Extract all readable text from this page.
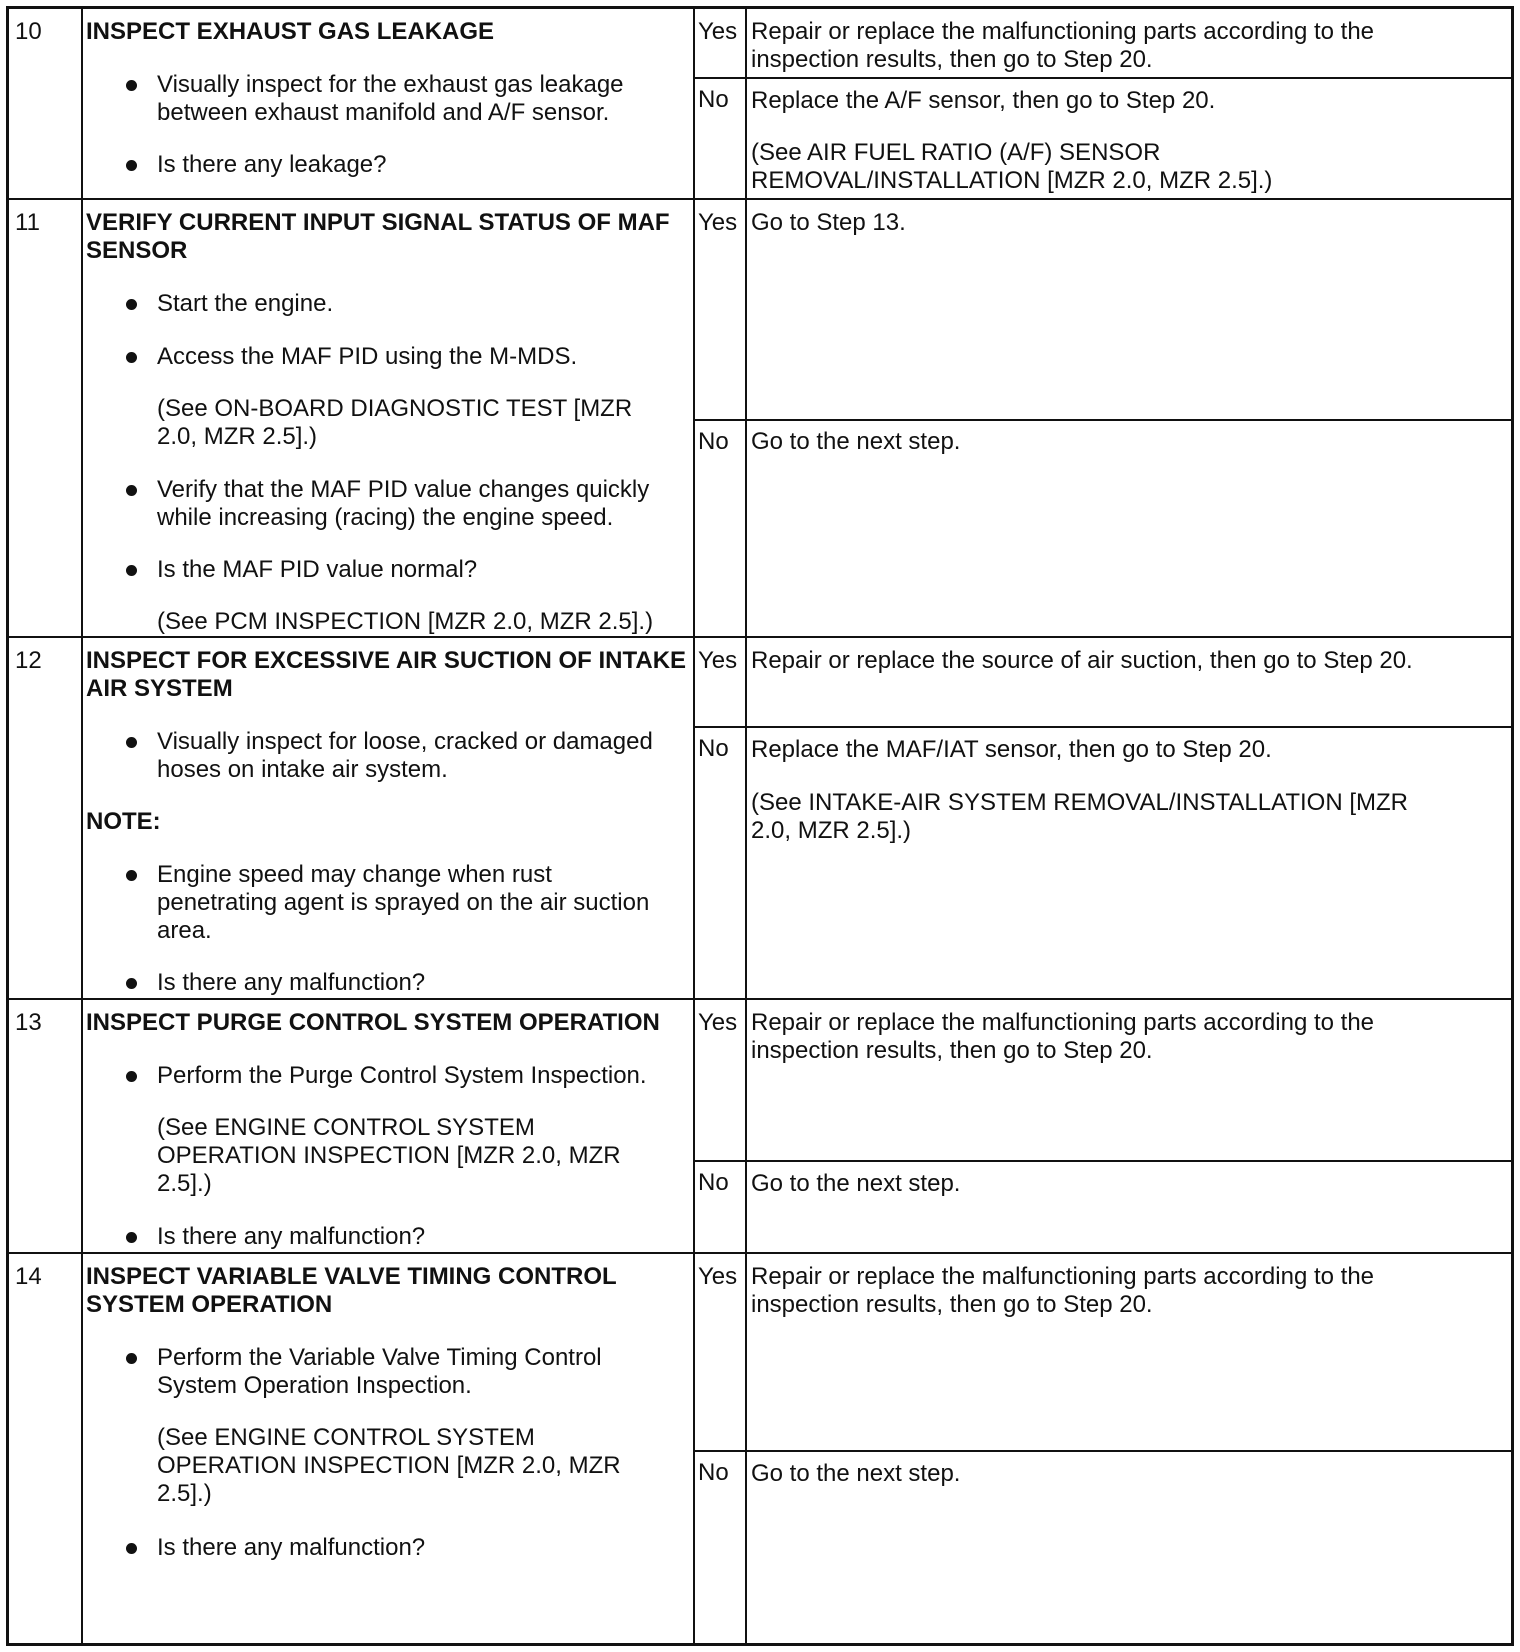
10 INSPECT EXHAUST GAS LEAKAGE
Visually inspect for the exhaust gas leakage
between exhaust manifold and A/F sensor.
Is there any leakage?
Yes Repair or replace the malfunctioning parts according to the
inspection results, then go to Step 20.
No Replace the A/F sensor, then go to Step 20.
(See AIR FUEL RATIO (A/F) SENSOR
REMOVAL/INSTALLATION [MZR 2.0, MZR 2.5].)
11 VERIFY CURRENT INPUT SIGNAL STATUS OF MAF
SENSOR
Start the engine.
Access the MAF PID using the M-MDS.
(See ON-BOARD DIAGNOSTIC TEST [MZR
2.0, MZR 2.5].)
Verify that the MAF PID value changes quickly
while increasing (racing) the engine speed.
Is the MAF PID value normal?
(See PCM INSPECTION [MZR 2.0, MZR 2.5].)
Yes Go to Step 13.
No Go to the next step.
12 INSPECT FOR EXCESSIVE AIR SUCTION OF INTAKE
AIR SYSTEM
Visually inspect for loose, cracked or damaged
hoses on intake air system.
NOTE:
Engine speed may change when rust
penetrating agent is sprayed on the air suction
area.
Is there any malfunction?
Yes Repair or replace the source of air suction, then go to Step 20.
No Replace the MAF/IAT sensor, then go to Step 20.
(See INTAKE-AIR SYSTEM REMOVAL/INSTALLATION [MZR
2.0, MZR 2.5].)
13 INSPECT PURGE CONTROL SYSTEM OPERATION
Perform the Purge Control System Inspection.
(See ENGINE CONTROL SYSTEM
OPERATION INSPECTION [MZR 2.0, MZR
2.5].)
Is there any malfunction?
Yes Repair or replace the malfunctioning parts according to the
inspection results, then go to Step 20.
No Go to the next step.
14 INSPECT VARIABLE VALVE TIMING CONTROL
SYSTEM OPERATION
Perform the Variable Valve Timing Control
System Operation Inspection.
(See ENGINE CONTROL SYSTEM
OPERATION INSPECTION [MZR 2.0, MZR
2.5].)
Is there any malfunction?
Yes Repair or replace the malfunctioning parts according to the
inspection results, then go to Step 20.
No Go to the next step.
